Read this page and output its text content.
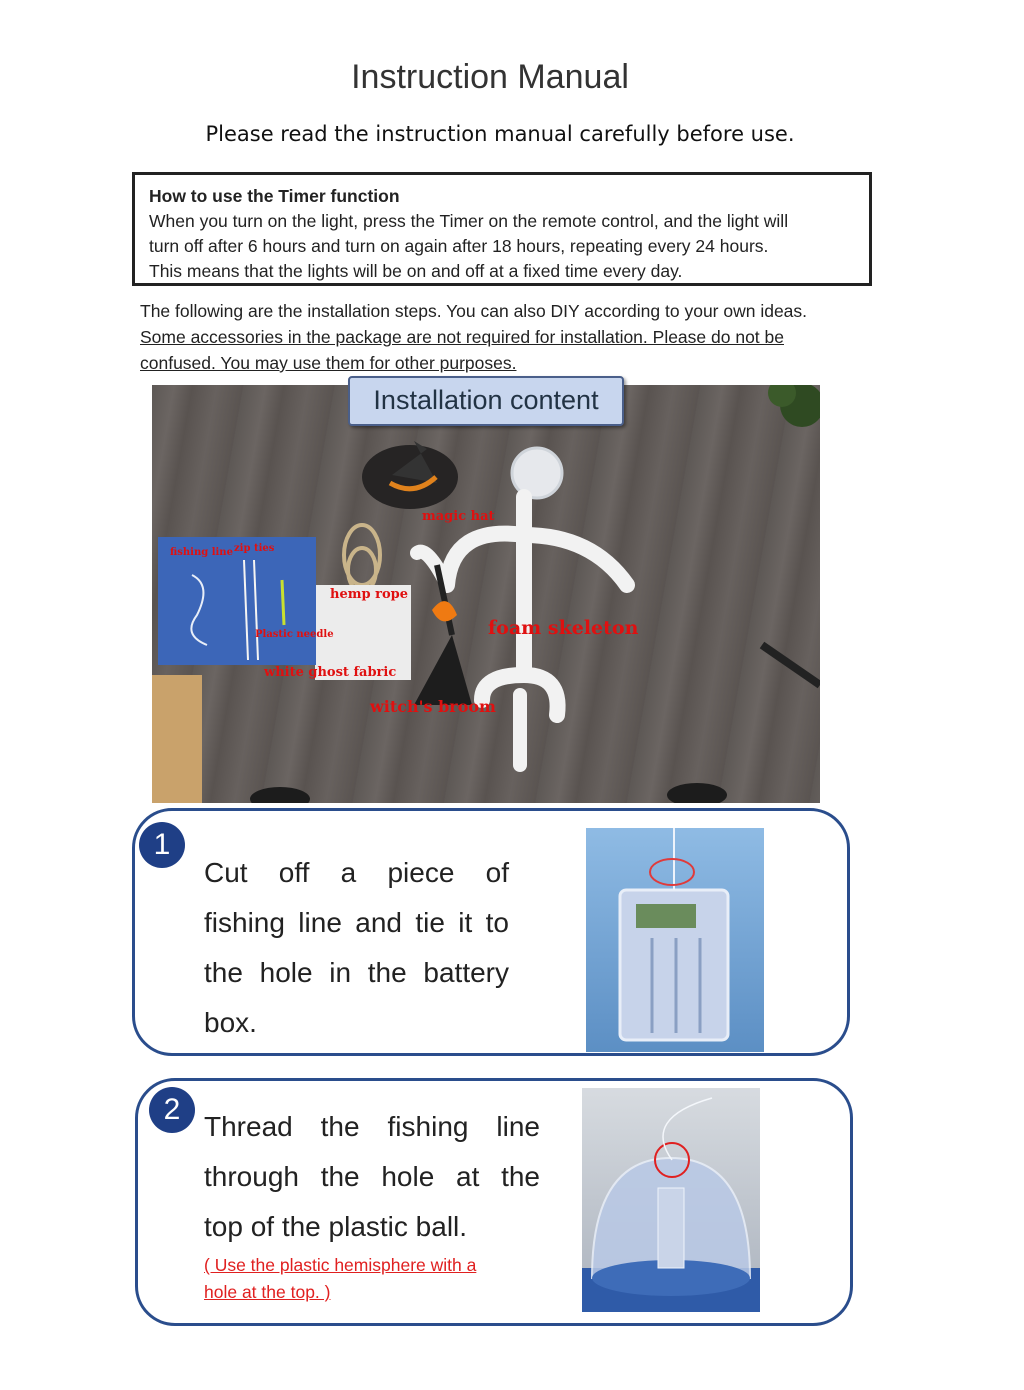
Instruction Manual
Please read the instruction manual carefully before use.
How to use the Timer function
When you turn on the light, press the Timer on the remote control, and the light will
turn off after 6 hours and turn on again after 18 hours, repeating every 24 hours.
This means that the lights will be on and off at a fixed time every day.
The following are the installation steps. You can also DIY according to your own ideas.
Some accessories in the package are not required for installation. Please do not be
confused. You may use them for other purposes.
fishing line zip ties
Plastic needle
magic hat
hemp rope
foam skeleton
white ghost fabric
witch's broom
Installation content
1
Cut off a piece of
fishing line and tie it to
the hole in the battery
box.
2
Thread the fishing line
through the hole at the
top of the plastic ball.
( Use the plastic hemisphere with a
hole at the top. )
